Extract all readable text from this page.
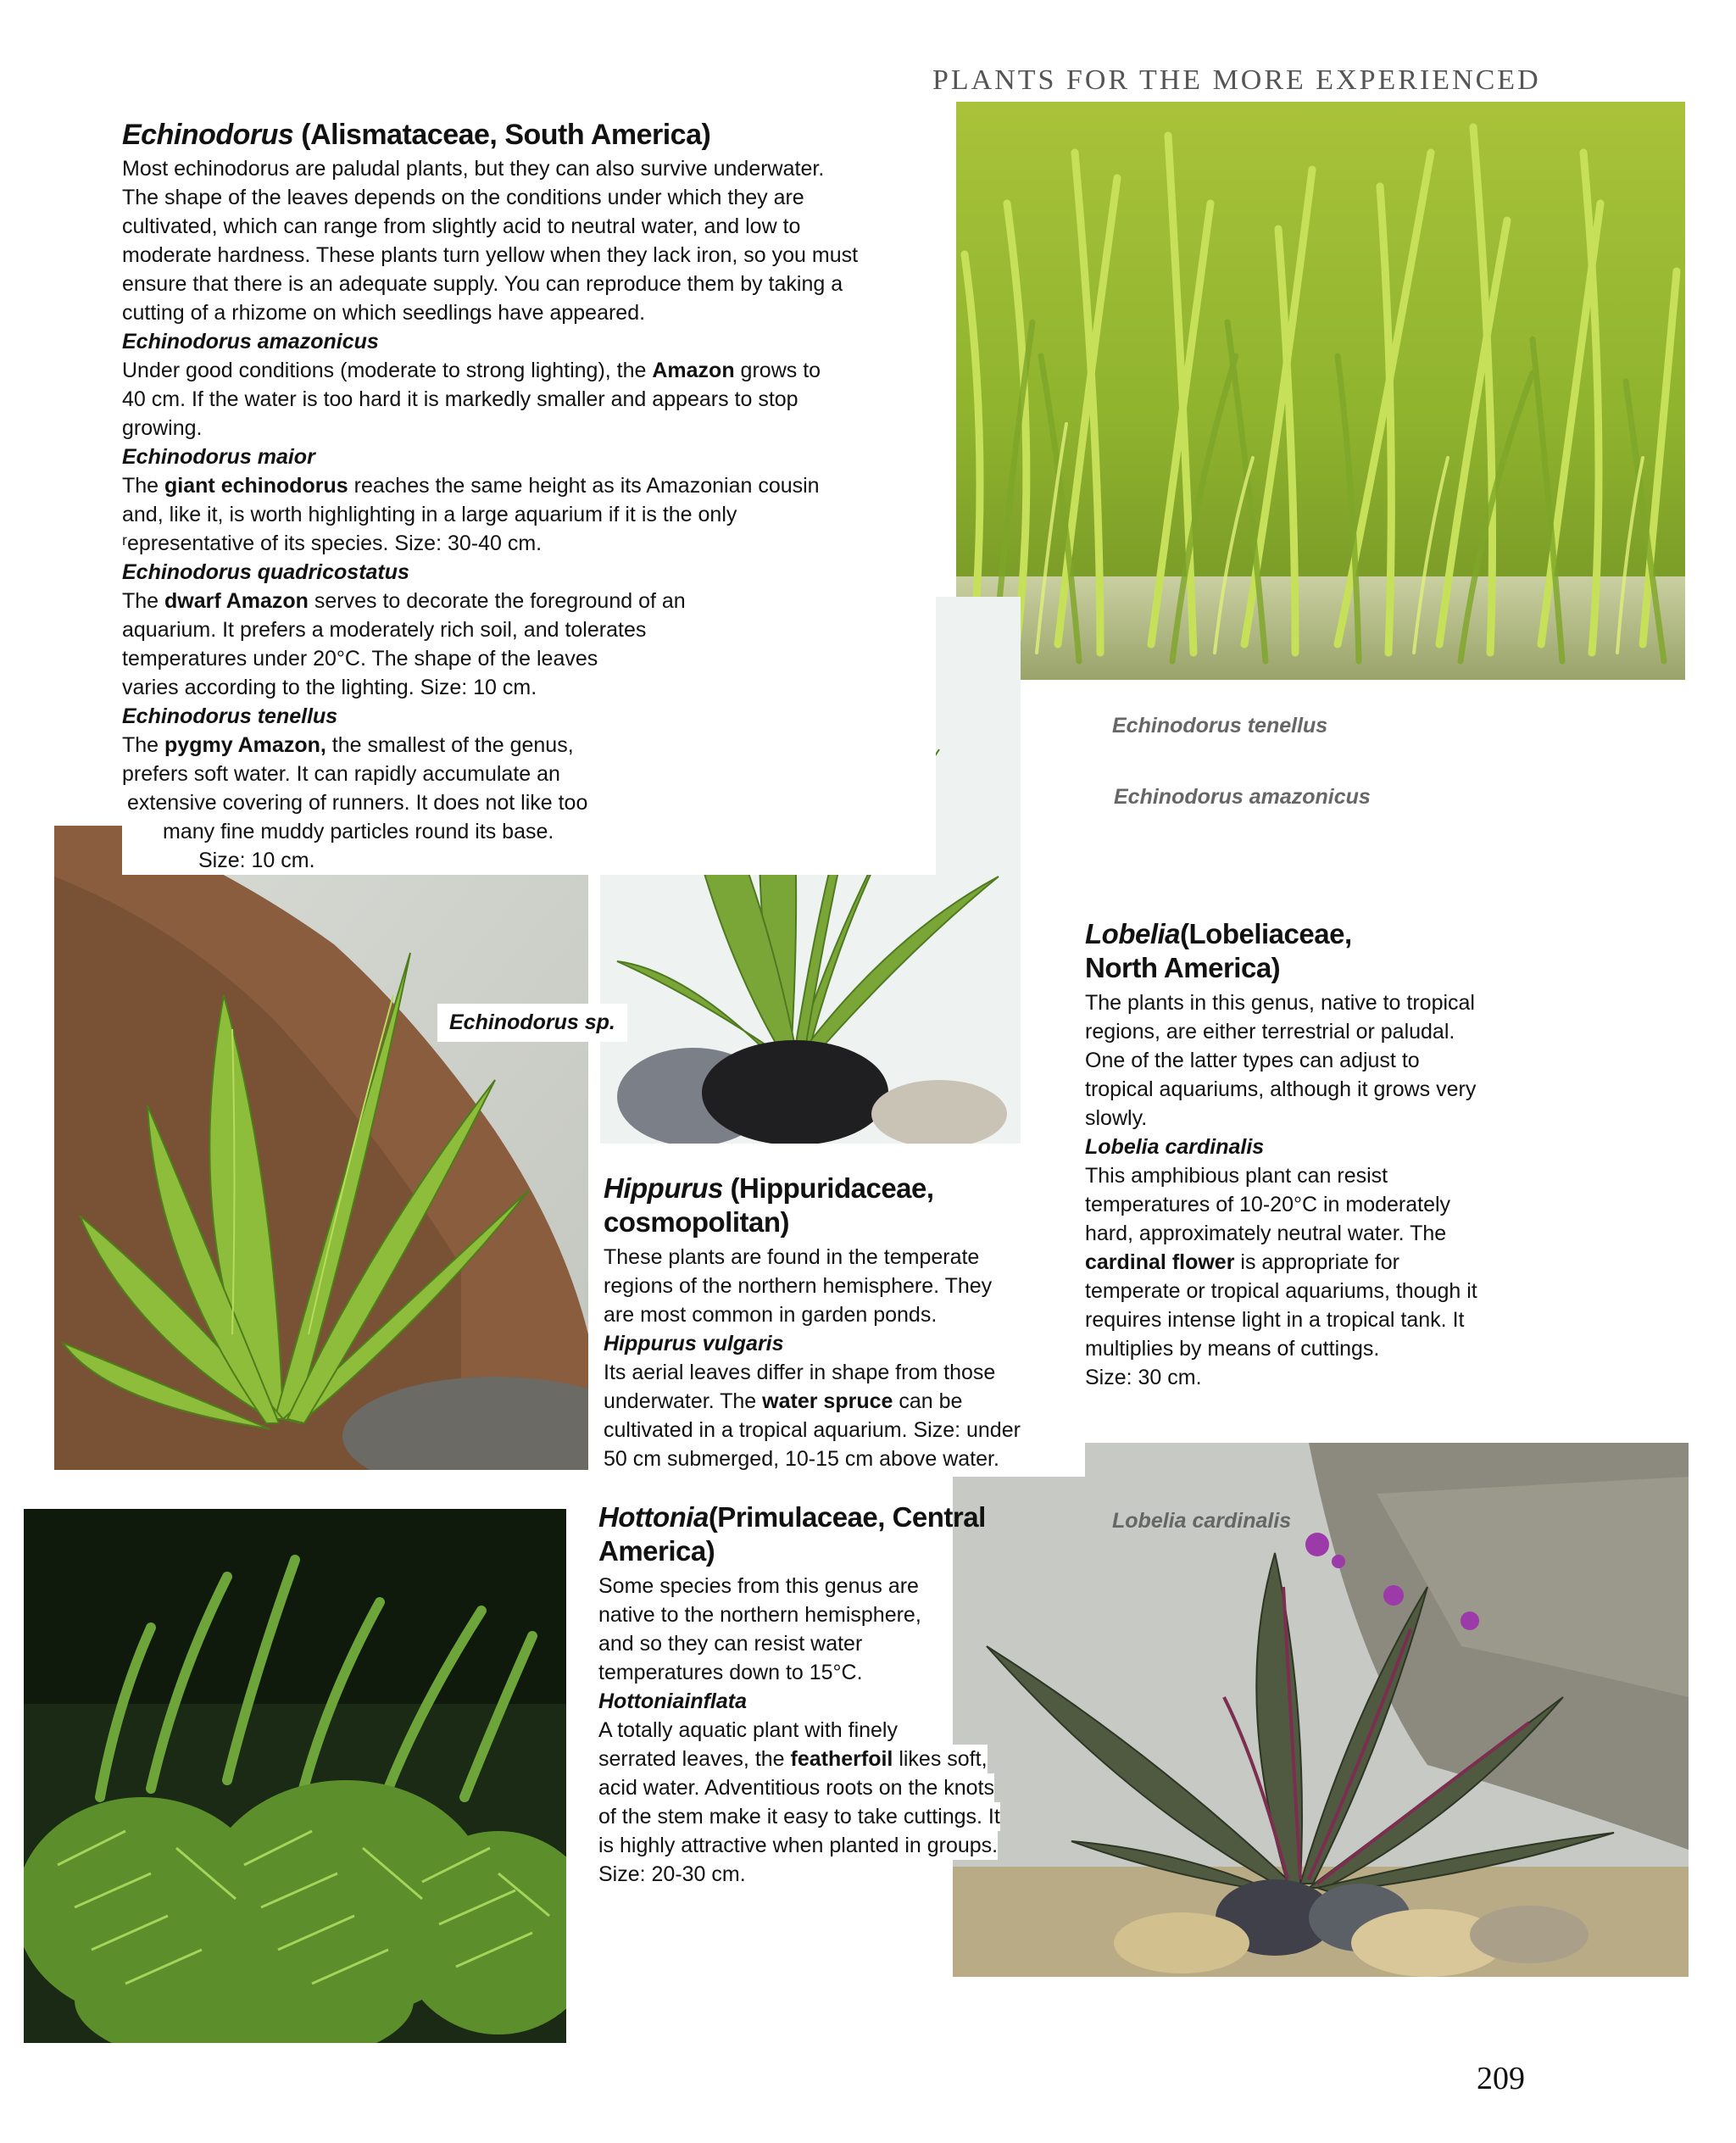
PLANTS FOR THE MORE EXPERIENCED

Echinodorus (Alismataceae, South America)

Most echinodorus are paludal plants, but they can also survive underwater.

The shape of the leaves depends on the conditions under which they are

cultivated, which can range from slightly acid to neutral water, and low to

moderate hardness. These plants turn yellow when they lack iron, so you must

ensure that there is an adequate supply. You can reproduce them by taking a

cutting of a rhizome on which seedlings have appeared.

Echinodorus amazonicus

Under good conditions (moderate to strong lighting), the Amazon grows to

40 cm. If the water is too hard it is markedly smaller and appears to stop

growing.

Echinodorus maior

The giant echinodorus reaches the same height as its Amazonian cousin

and, like it, is worth highlighting in a large aquarium if it is the only

ʳepresentative of its species. Size: 30-40 cm.

Echinodorus quadricostatus

The dwarf Amazon serves to decorate the foreground of an

aquarium. It prefers a moderately rich soil, and tolerates

temperatures under 20°C. The shape of the leaves

varies according to the lighting. Size: 10 cm.

Echinodorus tenellus

The pygmy Amazon, the smallest of the genus,

prefers soft water. It can rapidly accumulate an

extensive covering of runners. It does not like too

many fine muddy particles round its base.

Size: 10 cm.

Echinodorus tenellus
Echinodorus amazonicus
Echinodorus sp.
Lobelia cardinalis

Lobelia(Lobeliaceae,

North America)

The plants in this genus, native to tropical

regions, are either terrestrial or paludal.

One of the latter types can adjust to

tropical aquariums, although it grows very

slowly.

Lobelia cardinalis

This amphibious plant can resist

temperatures of 10-20°C in moderately

hard, approximately neutral water. The

cardinal flower is appropriate for

temperate or tropical aquariums, though it

requires intense light in a tropical tank. It

multiplies by means of cuttings.

Size: 30 cm.

Hippurus (Hippuridaceae,

cosmopolitan)

These plants are found in the temperate

regions of the northern hemisphere. They

are most common in garden ponds.

Hippurus vulgaris

Its aerial leaves differ in shape from those

underwater. The water spruce can be

cultivated in a tropical aquarium. Size: under

50 cm submerged, 10-15 cm above water.

Hottonia(Primulaceae, Central

America)

Some species from this genus are

native to the northern hemisphere,

and so they can resist water

temperatures down to 15°C.

Hottoniainflata

A totally aquatic plant with finely

serrated leaves, the featherfoil likes soft,

acid water. Adventitious roots on the knots

of the stem make it easy to take cuttings. It

is highly attractive when planted in groups.

Size: 20-30 cm.

209
